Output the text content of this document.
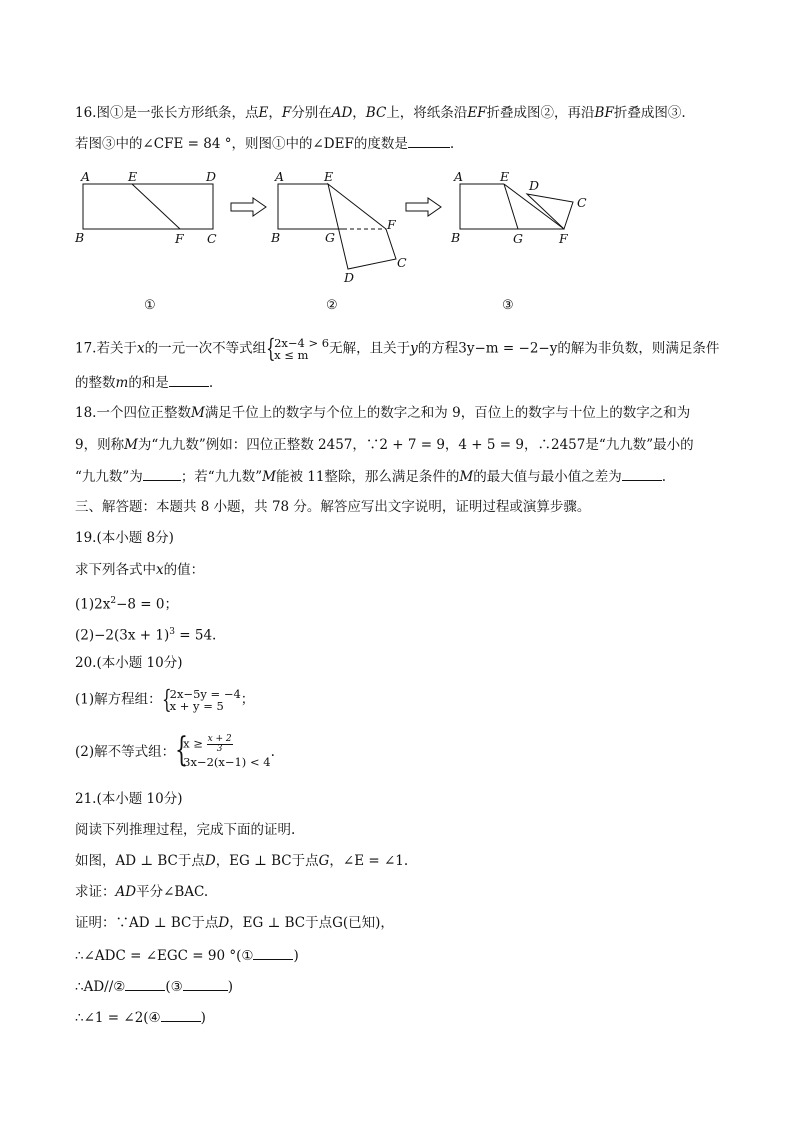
16.图①是一张长方形纸条，点E，F分别在AD，BC上，将纸条沿EF折叠成图②，再沿BF折叠成图③.
若图③中的∠CFE = 84 °，则图①中的∠DEF的度数是	.
A	E	D
B	F C
A	E
B	G
F
C
D
A	E
D
C
B	G	F
①	②	③
17.若关于x的一元一次不等式组 {
2x−4 > 6
x ≤ m	无解，且关于y的方程3y−m = −2−y的解为非负数，则满足条件
的整数m的和是	.
18.一个四位正整数M满足千位上的数字与个位上的数字之和为 9，百位上的数字与十位上的数字之和为
9，则称M为“九九数”例如：四位正整数 2457，∵2 + 7 = 9，4 + 5 = 9，∴2457是“九九数”最小的
“九九数”为	；若“九九数”M能被 11整除，那么满足条件的M的最大值与最小值之差为	.
三、解答题：本题共 8 小题，共 78 分。解答应写出文字说明，证明过程或演算步骤。
19.(本小题 8分)
求下列各式中x的值：
$(1)2x^2-8 = 0$；
$(2)-2(3x + 1)^3 = 54$.
20.(本小题 10分)
(1)解方程组： {
2x−5y = −4
x + y = 5	；
(2)解不等式组： {
$x \ge \frac{x + 2}{3}$
3x−2(x−1) < 4
.
21.(本小题 10分)
阅读下列推理过程，完成下面的证明.
如图，AD ⊥ BC于点D，EG ⊥ BC于点G，∠E = ∠1.
求证：AD平分∠BAC.
证明：∵AD ⊥ BC于点D，EG ⊥ BC于点G(已知)，
∴∠ADC = ∠EGC = 90 °(①	)
∴AD//②	(③	)
∴∠1 = ∠2(④	)
